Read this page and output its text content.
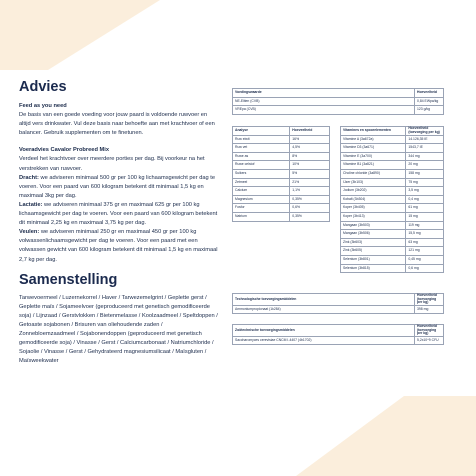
Advies

Feed as you need

De basis van een goede voeding voor jouw paard is voldoende ruwvoer en altijd vers drinkwater. Vul deze basis naar behoefte aan met krachtvoer of een balancer. Gebruik supplementen om te finetunen.

Voeradvies Cavalor Probreed Mix

Verdeel het krachtvoer over meerdere porties per dag. Bij voorkeur na het verstrekken van ruwvoer.

Dracht: we adviseren minimaal 500 gr per 100 kg lichaamsgewicht per dag te voeren. Voor een paard van 600 kilogram betekent dit minimaal 1,5 kg en maximaal 3kg per dag.

Lactatie: we adviseren minimaal 375 gr en maximaal 625 gr per 100 kg lichaamsgewicht per dag te voeren. Voor een paard van 600 kilogram betekent dit minimaal 2,25 kg en maximaal 3,75 kg per dag.

Veulen: we adviseren minimaal 250 gr en maximaal 450 gr per 100 kg volwassenlichaamsgewicht per dag te voeren. Voor een paard met een volwassen gewicht van 600 kilogram betekent dit minimaal 1,5 kg en maximaal 2,7 kg per dag.

Samenstelling

Tarwevoermeel / Luzernekorrel / Haver / Tarwezemelgrint / Geplette gerst / Geplette maïs / Sojameelvoer (geproduceerd met genetisch gemodificeerde soja) / Lijnzaad / Gerstvlokken / Bietenmelasse / Koolzaadmeel / Speltdoppen / Getoaste sojabonen / Brisuren van oliehoudende zaden / Zonnebloemzaadmeel / Sojabonendoppen (geproduceerd met genetisch gemodificeerde soja) / Vinasse / Gerst / Calciumcarbonaat / Natriumchloride / Sojaolie / Vinasse / Gerst / Gehydrateerd magnesiumsilicaat / Maïsgluten / Maïsweekwater

Voedingswaarde	Hoeveelheid
NE-Eliten (CVB)	0,84 EWpa/kg
VREpa (CVB)	123 g/kg
Analyse	Hoeveelheid
Ruw eiwit	16%
Ruw vet	4,5%
Ruwe as	8%
Ruwe celstof	10%
Suikers	5%
Zetmeel	21%
Calcium	1,1%
Magnesium	0,35%
Fosfor	0,6%
Natrium	0,35%
Vitamines en spoorelementen	Hoeveelheid (toevoeging per kg)
Vitamine A (3a672a)	14.126,35 IE
Vitamine D3 (3a671)	1543,7 IE
Vitamine E (3a700)	344 mg
Vitamine B1 (3a821)	20 mg
Choline chloride (3a890)	158 mg
IJzer (3b103)	75 mg
Jodium (3b202)	3,5 mg
Kobalt (3b304)	0,4 mg
Koper (3b405)	61 mg
Koper (3b413)	15 mg
Mangaan (3b503)	119 mg
Mangaan (3b506)	15,5 mg
Zink (3b603)	63 mg
Zink (3b605)	121 mg
Selenium (3b801)	0,45 mg
Selenium (3b815)	0,6 mg
Technologische toevoegingsmiddelen	Hoeveelheid (toevoeging per kg)
Ammoniumpropionaat (1k284)	398 mg
Zoötechnische toevoegingsmiddelen	Hoeveelheid (toevoeging per kg)
Saccharomyces cerevisiae CNCM I-4407 (4b1702)	5,2x10^9 CFU
